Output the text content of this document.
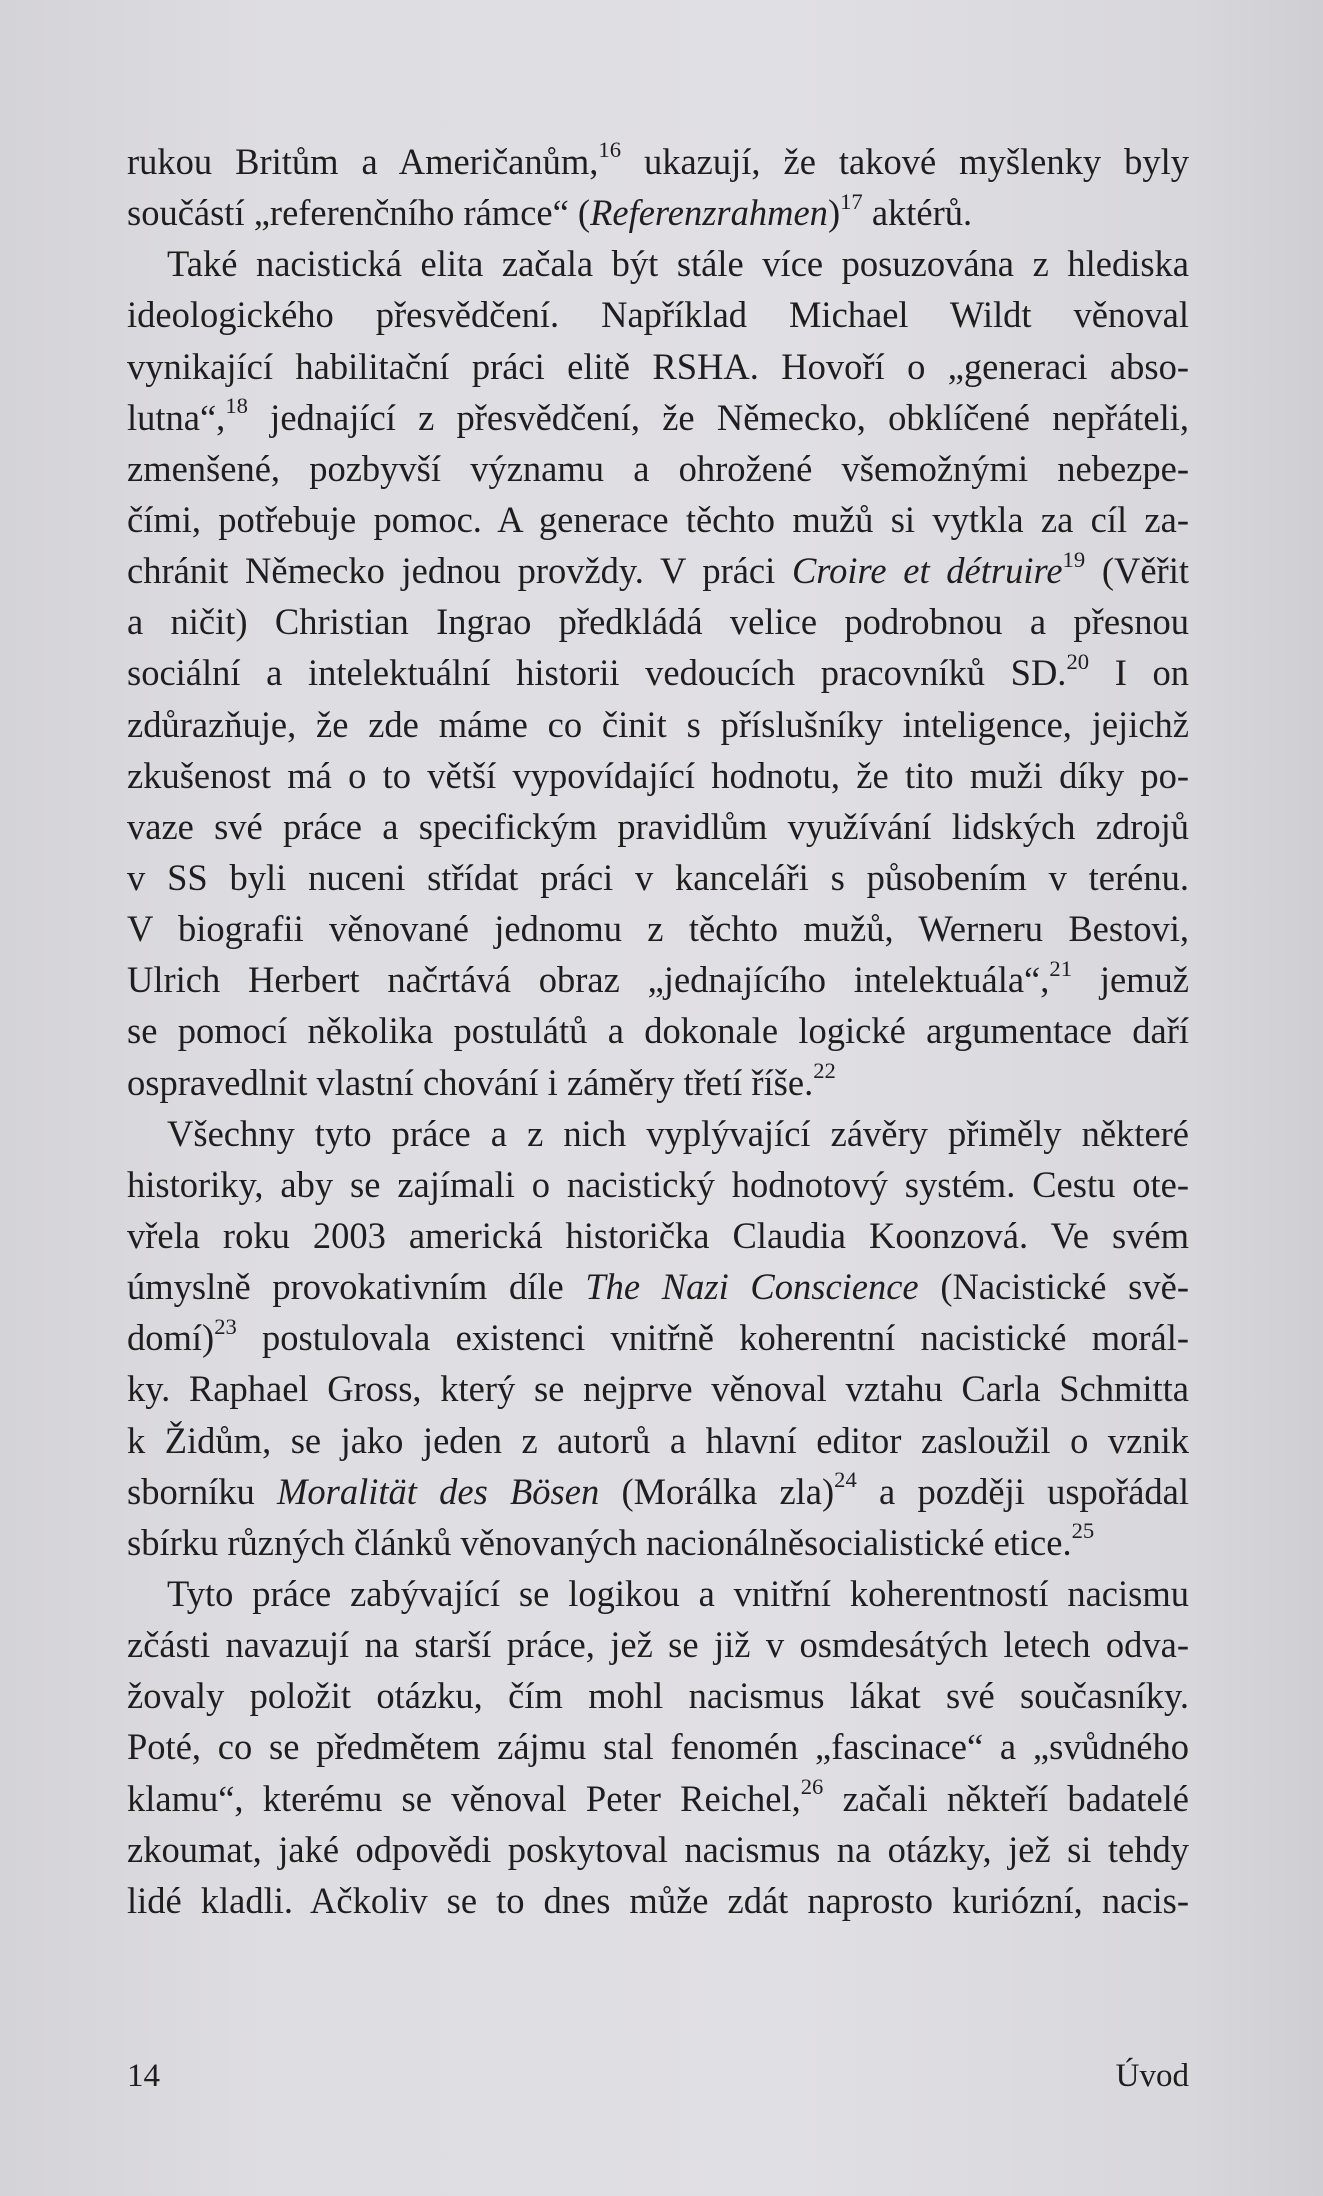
rukou Britům a Američanům,$^{16}$ ukazují, že takové myšlenky byly
součástí „referenčního rámce“ (Referenzrahmen)$^{17}$ aktérů.
Také nacistická elita začala být stále více posuzována z hlediska
ideologického přesvědčení. Například Michael Wildt věnoval
vynikající habilitační práci elitě RSHA. Hovoří o „generaci abso-
lutna“,$^{18}$ jednající z přesvědčení, že Německo, obklíčené nepřáteli,
zmenšené, pozbyvší významu a ohrožené všemožnými nebezpe-
čími, potřebuje pomoc. A generace těchto mužů si vytkla za cíl za-
chránit Německo jednou provždy. V práci Croire et détruire$^{19}$ (Věřit
a ničit) Christian Ingrao předkládá velice podrobnou a přesnou
sociální a intelektuální historii vedoucích pracovníků SD.$^{20}$ I on
zdůrazňuje, že zde máme co činit s příslušníky inteligence, jejichž
zkušenost má o to větší vypovídající hodnotu, že tito muži díky po-
vaze své práce a specifickým pravidlům využívání lidských zdrojů
v SS byli nuceni střídat práci v kanceláři s působením v terénu.
V biografii věnované jednomu z těchto mužů, Werneru Bestovi,
Ulrich Herbert načrtává obraz „jednajícího intelektuála“,$^{21}$ jemuž
se pomocí několika postulátů a dokonale logické argumentace daří
ospravedlnit vlastní chování i záměry třetí říše.$^{22}$
Všechny tyto práce a z nich vyplývající závěry přiměly některé
historiky, aby se zajímali o nacistický hodnotový systém. Cestu ote-
vřela roku 2003 americká historička Claudia Koonzová. Ve svém
úmyslně provokativním díle The Nazi Conscience (Nacistické svě-
domí)$^{23}$ postulovala existenci vnitřně koherentní nacistické morál-
ky. Raphael Gross, který se nejprve věnoval vztahu Carla Schmitta
k Židům, se jako jeden z autorů a hlavní editor zasloužil o vznik
sborníku Moralität des Bösen (Morálka zla)$^{24}$ a později uspořádal
sbírku různých článků věnovaných nacionálněsocialistické etice.$^{25}$
Tyto práce zabývající se logikou a vnitřní koherentností nacismu
zčásti navazují na starší práce, jež se již v osmdesátých letech odva-
žovaly položit otázku, čím mohl nacismus lákat své současníky.
Poté, co se předmětem zájmu stal fenomén „fascinace“ a „svůdného
klamu“, kterému se věnoval Peter Reichel,$^{26}$ začali někteří badatelé
zkoumat, jaké odpovědi poskytoval nacismus na otázky, jež si tehdy
lidé kladli. Ačkoliv se to dnes může zdát naprosto kuriózní, nacis-
14	Úvod
